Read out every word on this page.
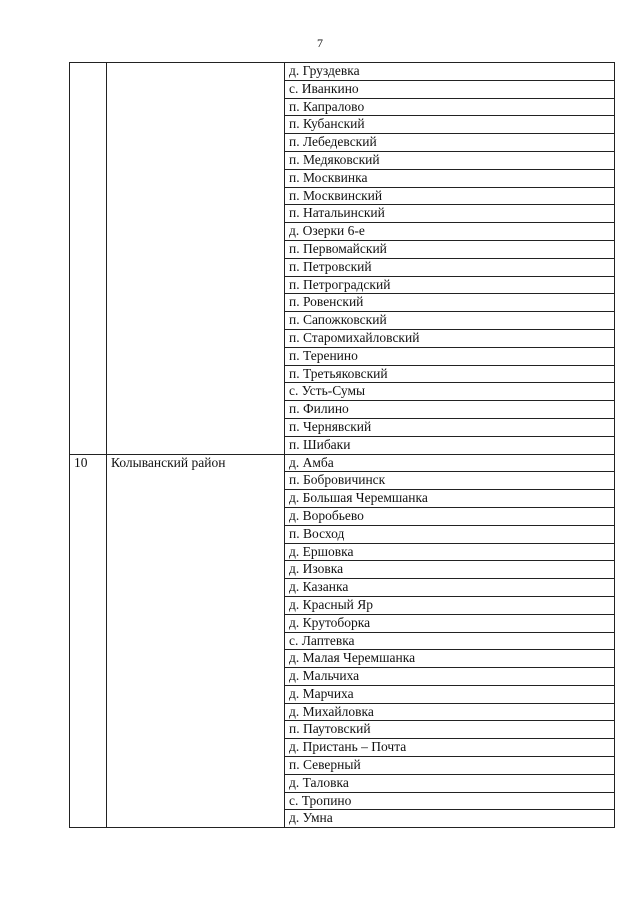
7
		д. Груздевка
		с. Иванкино
		п. Капралово
		п. Кубанский
		п. Лебедевский
		п. Медяковский
		п. Москвинка
		п. Москвинский
		п. Натальинский
		д. Озерки 6-е
		п. Первомайский
		п. Петровский
		п. Петроградский
		п. Ровенский
		п. Сапожковский
		п. Старомихайловский
		п. Теренино
		п. Третьяковский
		с. Усть-Сумы
		п. Филино
		п. Чернявский
		п. Шибаки
10	Колыванский район	д. Амба
		п. Бобровичинск
		д. Большая Черемшанка
		д. Воробьево
		п. Восход
		д. Ершовка
		д. Изовка
		д. Казанка
		д. Красный Яр
		д. Крутоборка
		с. Лаптевка
		д. Малая Черемшанка
		д. Мальчиха
		д. Марчиха
		д. Михайловка
		п. Паутовский
		д. Пристань – Почта
		п. Северный
		д. Таловка
		с. Тропино
		д. Умна
